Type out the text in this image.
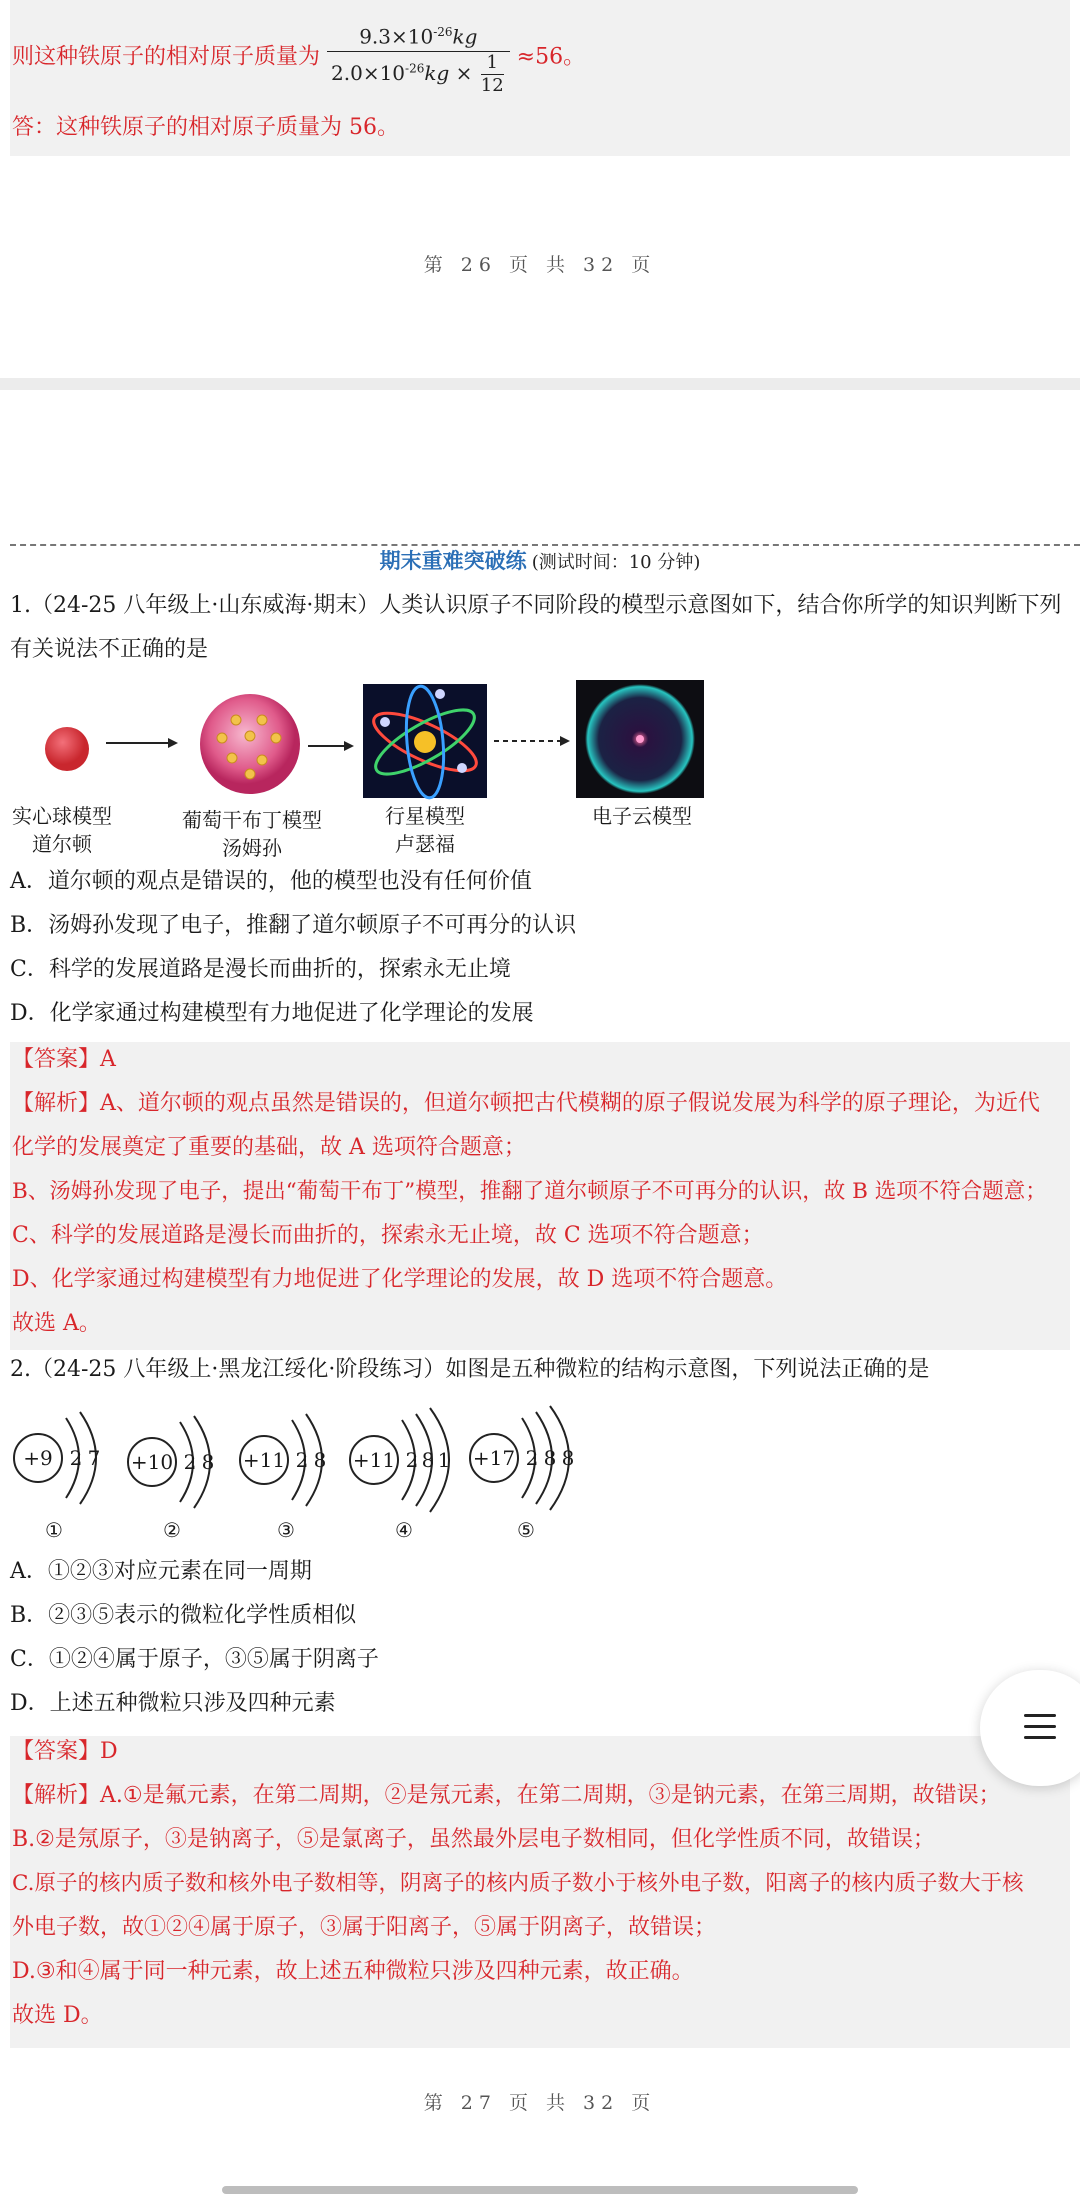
则这种铁原子的相对原子质量为 $\frac{9.3\times 10^{-26}kg}{2.0\times 10^{-26}kg \times \frac{1}{12}} \approx 56$。
答：这种铁原子的相对原子质量为 56。
第 26 页 共 32 页
期末重难突破练 (测试时间：10 分钟)
1.（24-25 八年级上·山东威海·期末）人类认识原子不同阶段的模型示意图如下，结合你所学的知识判断下列
有关说法不正确的是
实心球模型
道尔顿
葡萄干布丁模型
汤姆孙
行星模型
卢瑟福
电子云模型
A．道尔顿的观点是错误的，他的模型也没有任何价值
B．汤姆孙发现了电子，推翻了道尔顿原子不可再分的认识
C．科学的发展道路是漫长而曲折的，探索永无止境
D．化学家通过构建模型有力地促进了化学理论的发展
【答案】A
【解析】A、道尔顿的观点虽然是错误的，但道尔顿把古代模糊的原子假说发展为科学的原子理论，为近代
化学的发展奠定了重要的基础，故 A 选项符合题意；
B、汤姆孙发现了电子，提出“葡萄干布丁”模型，推翻了道尔顿原子不可再分的认识，故 B 选项不符合题意；
C、科学的发展道路是漫长而曲折的，探索永无止境，故 C 选项不符合题意；
D、化学家通过构建模型有力地促进了化学理论的发展，故 D 选项不符合题意。
故选 A。
2.（24-25 八年级上·黑龙江绥化·阶段练习）如图是五种微粒的结构示意图，下列说法正确的是
+9 2 7
①
+10 2 8
②
+11 2 8
③
+11 2 8 1
④
+17 2 8 8
⑤
A．①②③对应元素在同一周期
B．②③⑤表示的微粒化学性质相似
C．①②④属于原子，③⑤属于阴离子
D．上述五种微粒只涉及四种元素
【答案】D
【解析】A.①是氟元素，在第二周期，②是氖元素，在第二周期，③是钠元素，在第三周期，故错误；
B.②是氖原子，③是钠离子，⑤是氯离子，虽然最外层电子数相同，但化学性质不同，故错误；
C.原子的核内质子数和核外电子数相等，阴离子的核内质子数小于核外电子数，阳离子的核内质子数大于核
外电子数，故①②④属于原子，③属于阳离子，⑤属于阴离子，故错误；
D.③和④属于同一种元素，故上述五种微粒只涉及四种元素，故正确。
故选 D。
第 27 页 共 32 页
